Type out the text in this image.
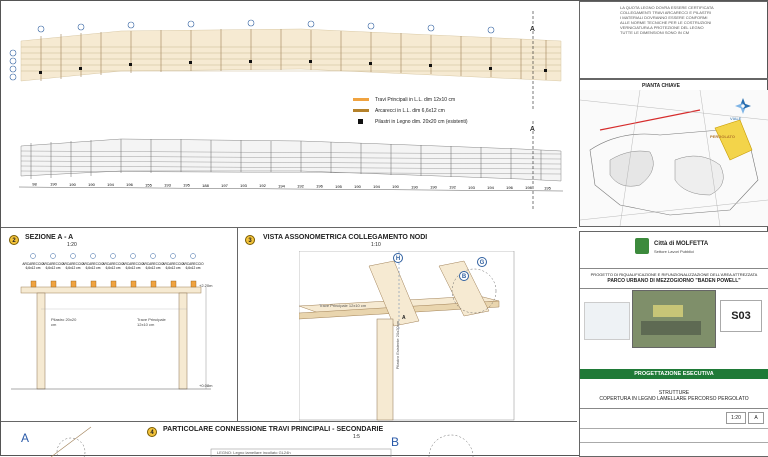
A
A
98	190	190	190	194	196	155	193	195	188	197	193	192	194	192	196	195	190	194	190	190	190	192	193	194	196	198	195
Travi Principali in L.L. dim 12x10 cm
Arcarecci in L.L. dim 6,6x12 cm
Pilastri in Legno dim. 20x20 cm (esistenti)
LA QUOTA LEGNO DOVRA ESSERE CERTIFICATA
COLLEGAMENTI TRAVI ARCARECCI E PILASTRI
I MATERIALI DOVRANNO ESSERE CONFORMI
ALLE NORME TECNICHE PER LE COSTRUZIONI
VERNICIATURA A PROTEZIONE DEL LEGNO
TUTTE LE DIMENSIONI SONO IN CM
PIANTA CHIAVE
PERGOLATO
VIALE
2	SEZIONE A - A
1:20
ARCARECCIO
6,6x12 cm
ARCARECCIO
6,6x12 cm
ARCARECCIO
6,6x12 cm
ARCARECCIO
6,6x12 cm
ARCARECCIO
6,6x12 cm
ARCARECCIO
6,6x12 cm
ARCARECCIO
6,6x12 cm
ARCARECCIO
6,6x12 cm
ARCARECCIO
6,6x12 cm
+2.20m
+0.08m
Pilastro 20x20 cm
Trave Principale 12x10 cm
3	VISTA ASSONOMETRICA COLLEGAMENTO NODI
1:10
H
B
G
Trave Principale 12x10 cm
Pilastro Esistente 20x20cm
A
4	PARTICOLARE CONNESSIONE TRAVI PRINCIPALI - SECONDARIE
1:5
A	B
LEGNO: Legno lamellare incollato GL24h
Città di MOLFETTA
Settore Lavori Pubblici
PROGETTO DI RIQUALIFICAZIONE E RIFUNZIONALIZZAZIONE DELL'AREA ATTREZZATA
PARCO URBANO DI MEZZOGIORNO "BADEN POWELL"
S03
PROGETTAZIONE ESECUTIVA
STRUTTURE
COPERTURA IN LEGNO LAMELLARE PERCORSO PERGOLATO
1:20	A
